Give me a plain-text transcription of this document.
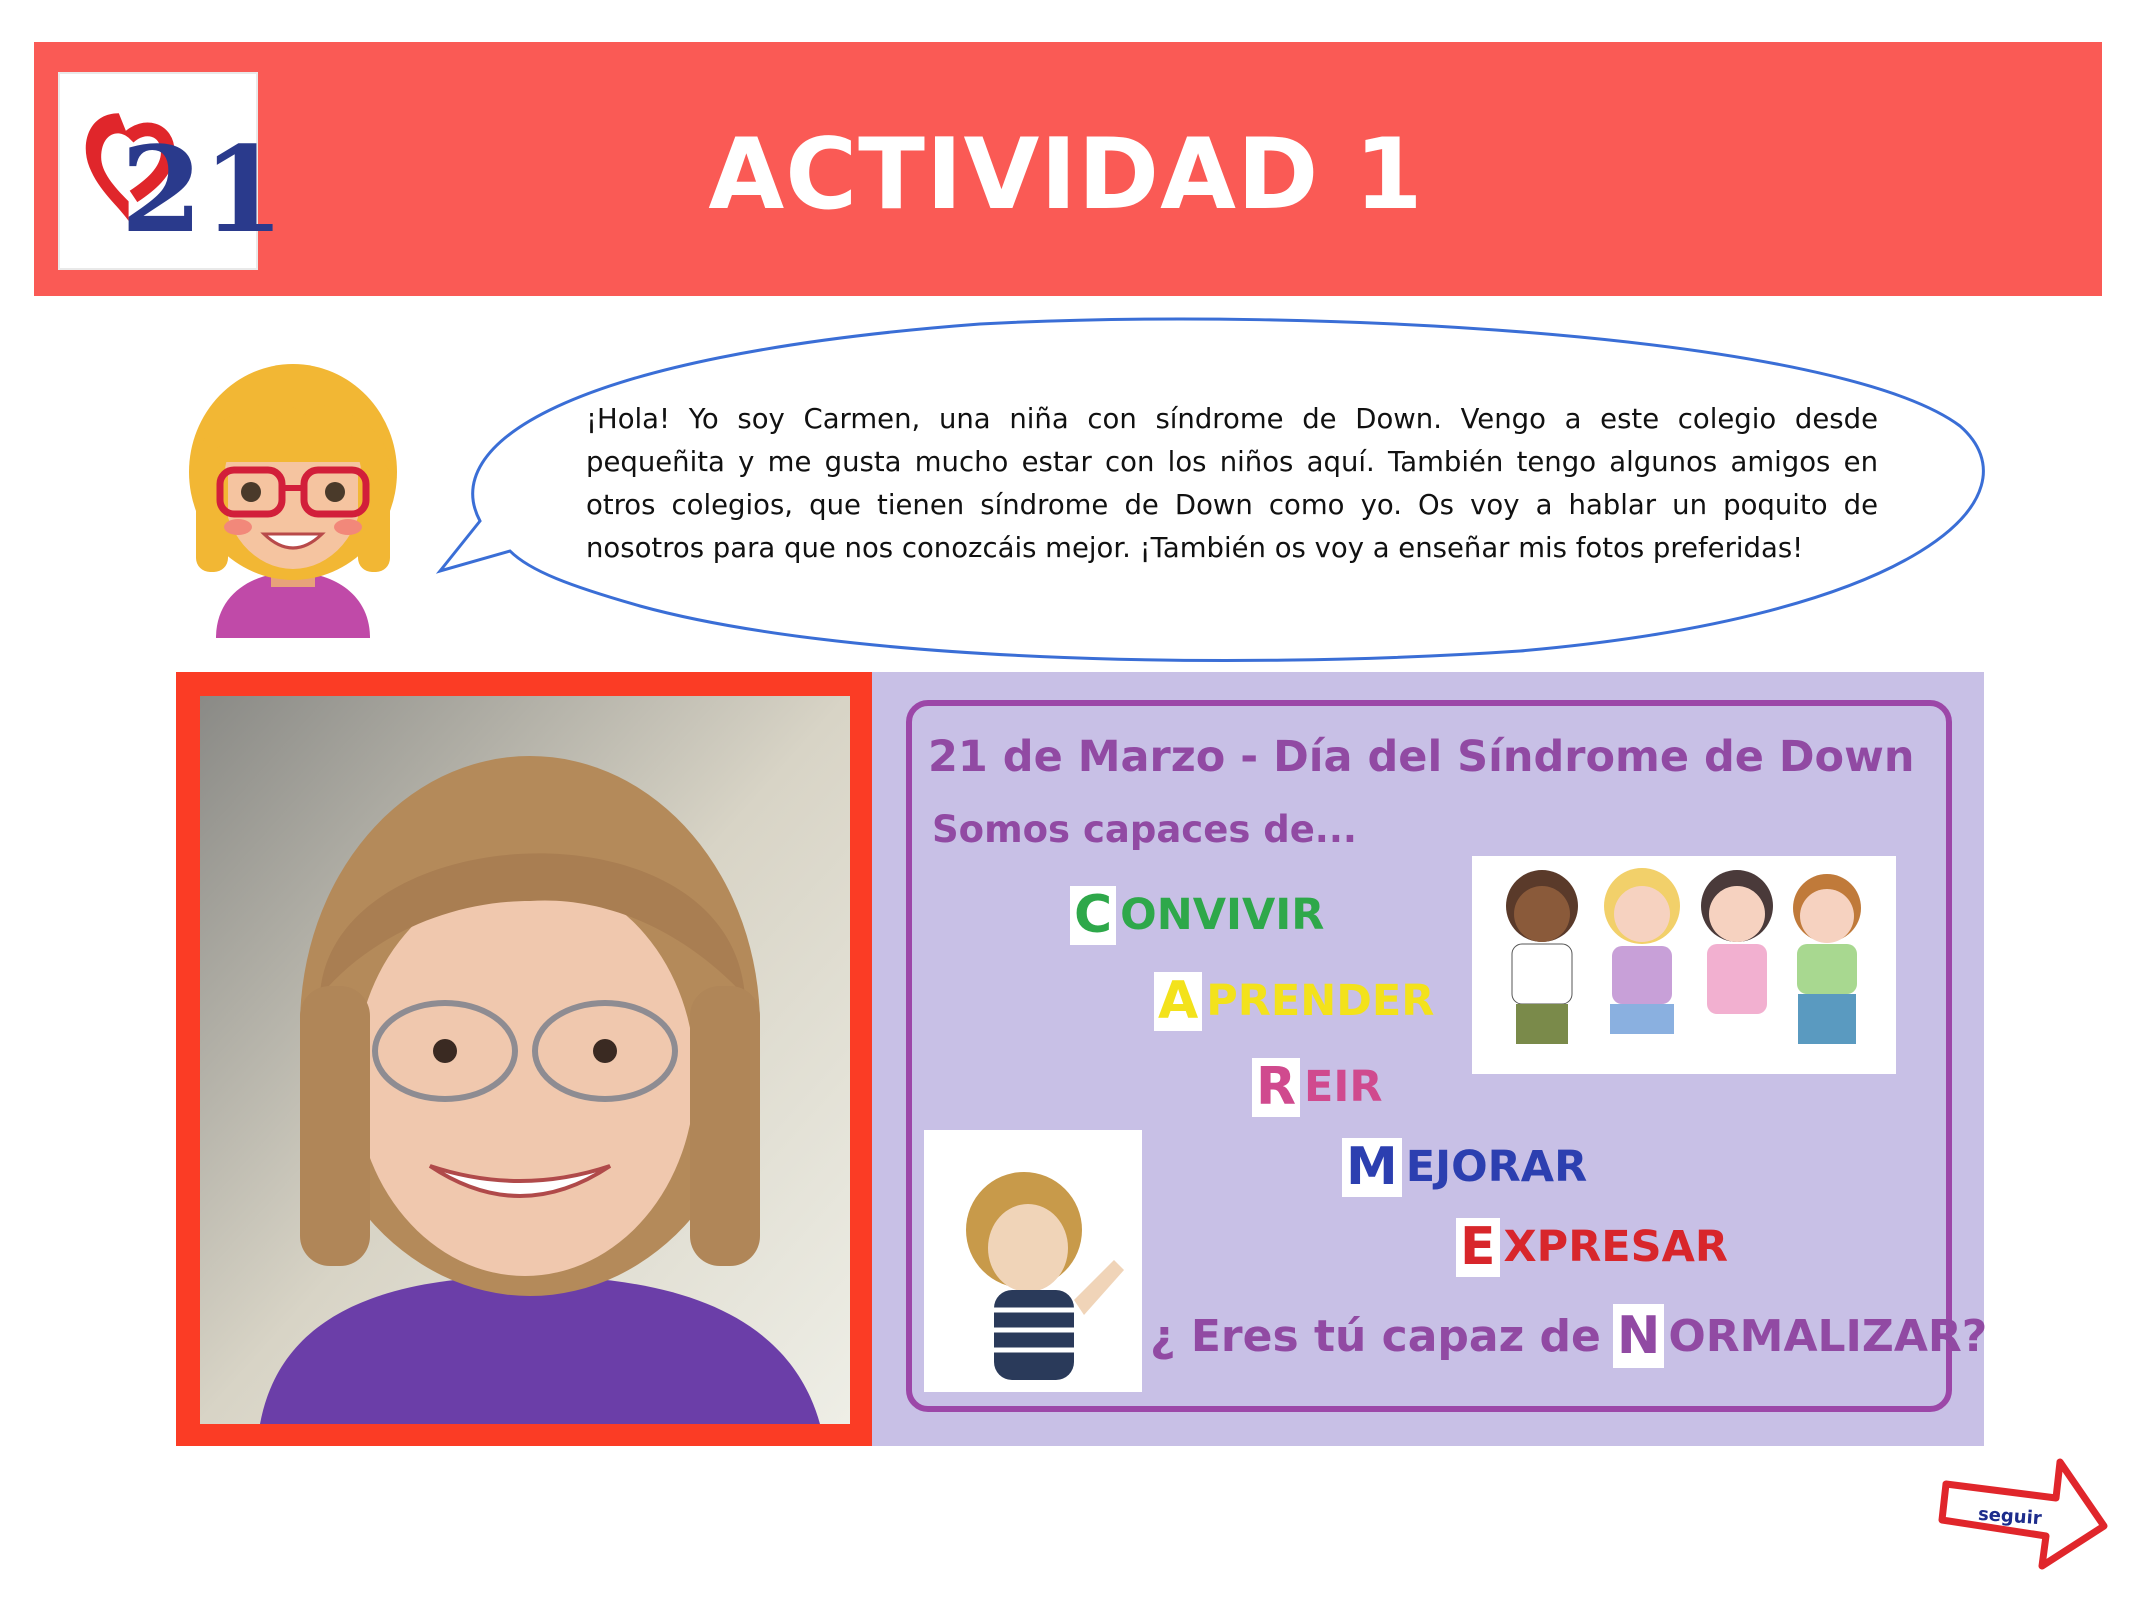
21	ACTIVIDAD 1
¡Hola! Yo soy Carmen, una niña con síndrome de Down. Vengo a este colegio desde pequeñita y me gusta mucho estar con los niños aquí. También tengo algunos amigos en otros colegios, que tienen síndrome de Down como yo. Os voy a hablar un poquito de nosotros para que nos conozcáis mejor. ¡También os voy a enseñar mis fotos preferidas!
21 de Marzo - Día del Síndrome de Down
Somos capaces de...
C ONVIVIR
A PRENDER
R EIR
M EJORAR
E XPRESAR
¿ Eres tú capaz de N ORMALIZAR?
seguir
